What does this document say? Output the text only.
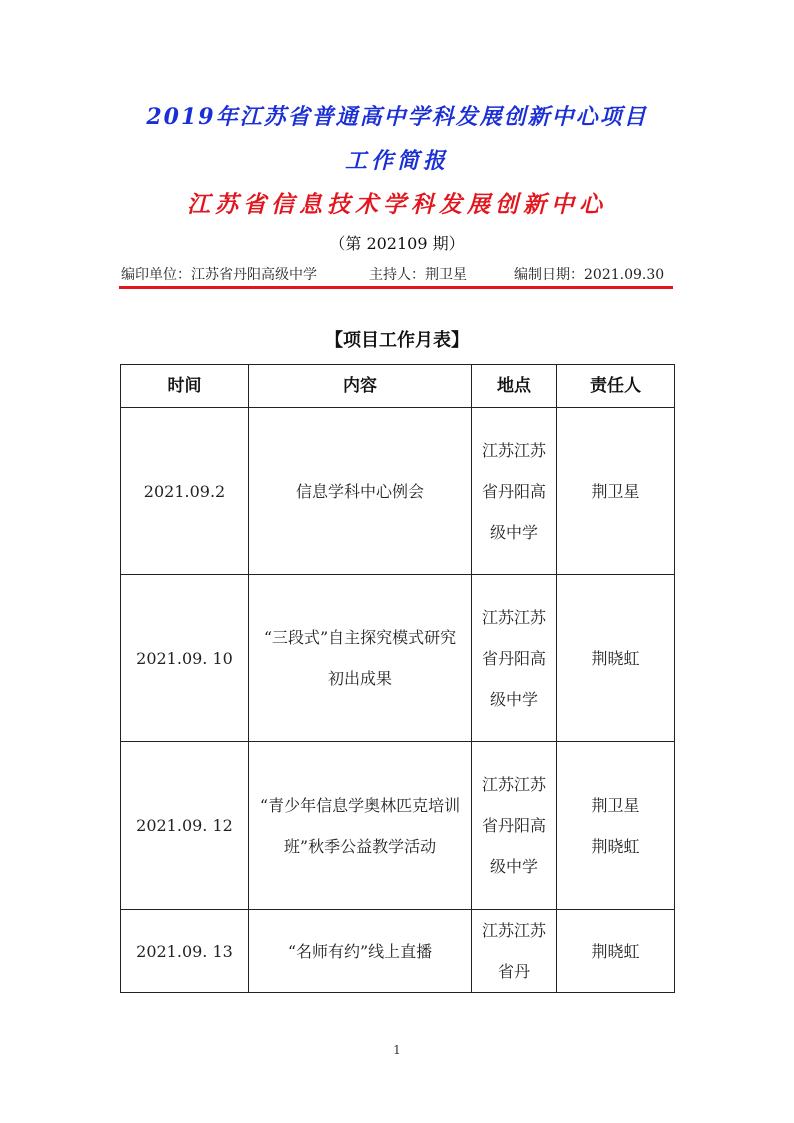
2019年江苏省普通高中学科发展创新中心项目
工作简报
江苏省信息技术学科发展创新中心
（第 202109 期）
编印单位：江苏省丹阳高级中学	主持人：荆卫星	编制日期：2021.09.30
【项目工作月表】
时间	内容	地点	责任人
2021.09.2	信息学科中心例会	江苏江苏省丹阳高级中学	荆卫星
2021.09. 10	“三段式”自主探究模式研究初出成果	江苏江苏省丹阳高级中学	荆晓虹
2021.09. 12	“青少年信息学奥林匹克培训班”秋季公益教学活动	江苏江苏省丹阳高级中学	荆卫星 荆晓虹
2021.09. 13	“名师有约”线上直播	江苏江苏省丹	荆晓虹
1
